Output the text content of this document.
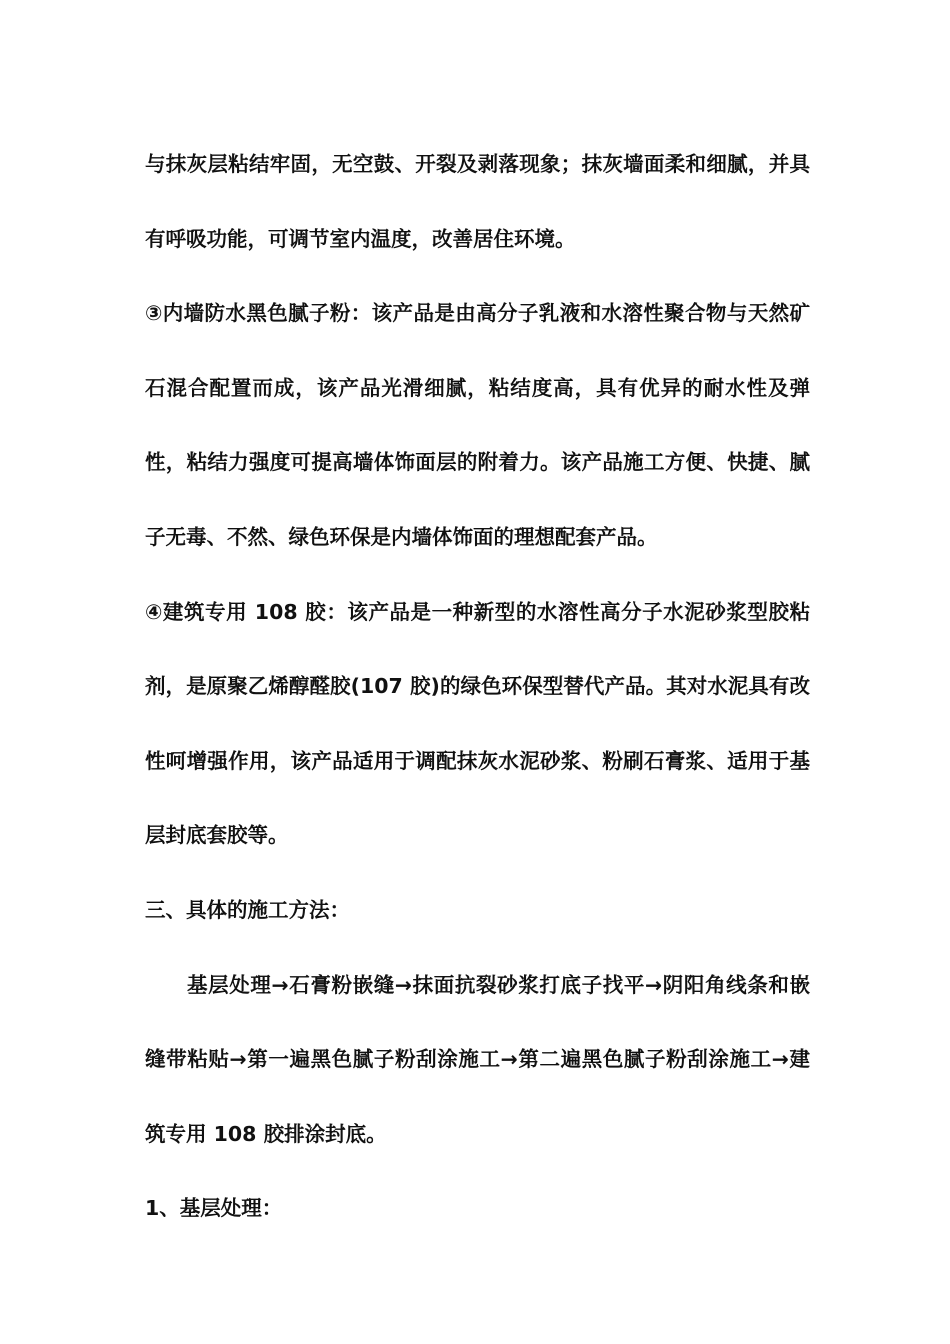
与抹灰层粘结牢固，无空鼓、开裂及剥落现象；抹灰墙面柔和细腻，并具有呼吸功能，可调节室内温度，改善居住环境。

③内墙防水黑色腻子粉：该产品是由高分子乳液和水溶性聚合物与天然矿石混合配置而成，该产品光滑细腻，粘结度高，具有优异的耐水性及弹性，粘结力强度可提高墙体饰面层的附着力。该产品施工方便、快捷、腻子无毒、不然、绿色环保是内墙体饰面的理想配套产品。

④建筑专用 108 胶：该产品是一种新型的水溶性高分子水泥砂浆型胶粘剂，是原聚乙烯醇醛胶(107 胶)的绿色环保型替代产品。其对水泥具有改性呵增强作用，该产品适用于调配抹灰水泥砂浆、粉刷石膏浆、适用于基层封底套胶等。

三、具体的施工方法：

基层处理→石膏粉嵌缝→抹面抗裂砂浆打底子找平→阴阳角线条和嵌缝带粘贴→第一遍黑色腻子粉刮涂施工→第二遍黑色腻子粉刮涂施工→建筑专用 108 胶排涂封底。

1、基层处理：
